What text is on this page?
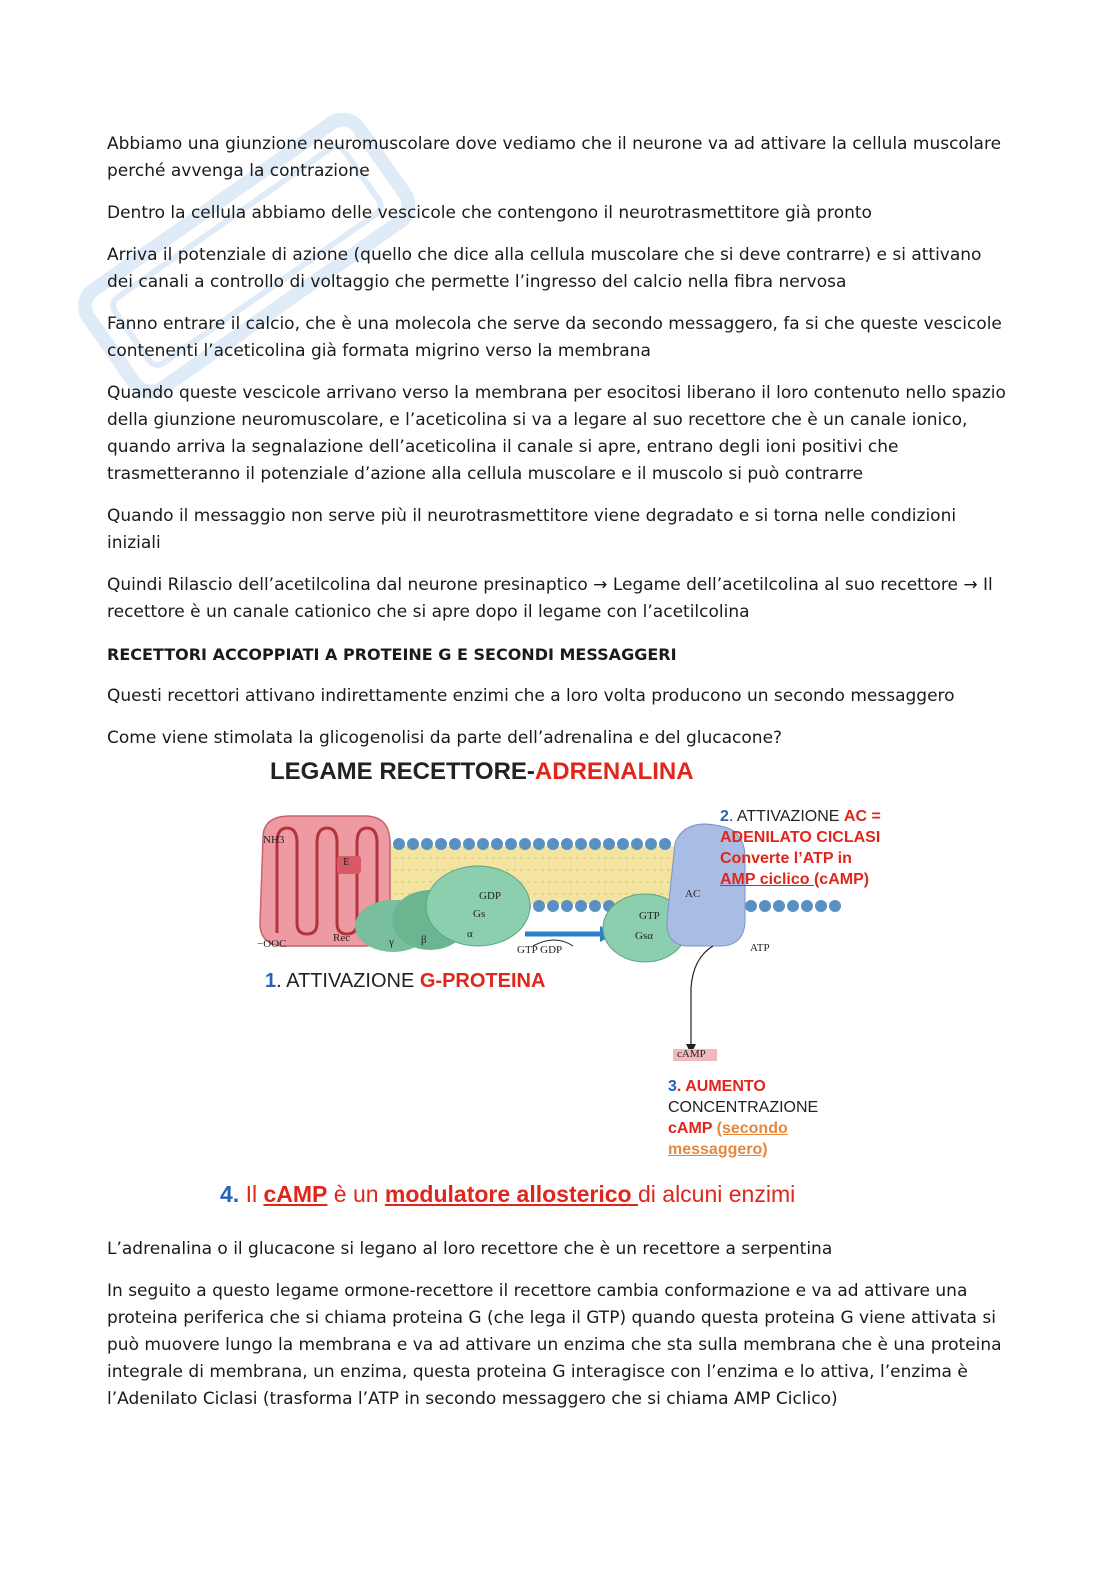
Abbiamo una giunzione neuromuscolare dove vediamo che il neurone va ad attivare la cellula muscolare perché avvenga la contrazione

Dentro la cellula abbiamo delle vescicole che contengono il neurotrasmettitore già pronto

Arriva il potenziale di azione (quello che dice alla cellula muscolare che si deve contrarre) e si attivano dei canali a controllo di voltaggio che permette l’ingresso del calcio nella fibra nervosa

Fanno entrare il calcio, che è una molecola che serve da secondo messaggero, fa si che queste vescicole contenenti l’aceticolina già formata migrino verso la membrana

Quando queste vescicole arrivano verso la membrana per esocitosi liberano il loro contenuto nello spazio della giunzione neuromuscolare, e l’aceticolina si va a legare al suo recettore che è un canale ionico, quando arriva la segnalazione dell’aceticolina il canale si apre, entrano degli ioni positivi che trasmetteranno il potenziale d’azione alla cellula muscolare e il muscolo si può contrarre

Quando il messaggio non serve più il neurotrasmettitore viene degradato e si torna nelle condizioni iniziali

Quindi Rilascio dell’acetilcolina dal neurone presinaptico → Legame dell’acetilcolina al suo recettore → Il recettore è un canale cationico che si apre dopo il legame con l’acetilcolina

RECETTORI ACCOPPIATI A PROTEINE G E SECONDI MESSAGGERI

Questi recettori attivano indirettamente enzimi che a loro volta producono un secondo messaggero

Come viene stimolata la glicogenolisi da parte dell’adrenalina e del glucacone?

LEGAME RECETTORE-ADRENALINA
2. ATTIVAZIONE AC =
ADENILATO CICLASI
Converte l’ATP in
AMP ciclico (cAMP)
1. ATTIVAZIONE G-PROTEINA
3. AUMENTO
CONCENTRAZIONE
cAMP (secondo
messaggero)
4. Il cAMP è un modulatore allosterico di alcuni enzimi
NH3
E
−OOC	Rec	γ β	α
GDP
Gs
GTP GDP
GTP
Gsα
AC
ATP
cAMP

L’adrenalina o il glucacone si legano al loro recettore che è un recettore a serpentina

In seguito a questo legame ormone-recettore il recettore cambia conformazione e va ad attivare una proteina periferica che si chiama proteina G (che lega il GTP) quando questa proteina G viene attivata si può muovere lungo la membrana e va ad attivare un enzima che sta sulla membrana che è una proteina integrale di membrana, un enzima, questa proteina G interagisce con l’enzima e lo attiva, l’enzima è l’Adenilato Ciclasi (trasforma l’ATP in secondo messaggero che si chiama AMP Ciclico)
